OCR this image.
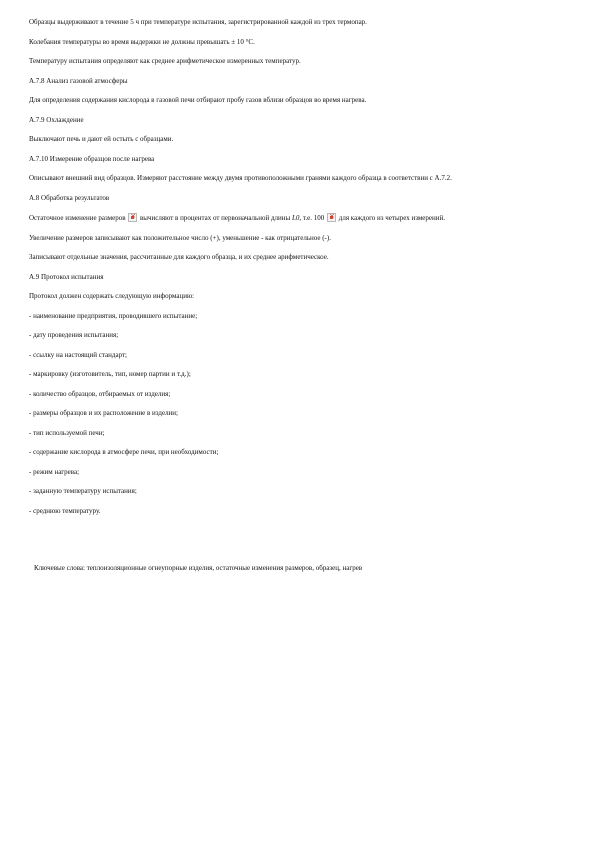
Образцы выдерживают в течение 5 ч при температуре испытания, зарегистрированной каждой из трех термопар.

Колебания температуры во время выдержки не должны превышать ± 10 °С.

Температуру испытания определяют как среднее арифметическое измеренных температур.

А.7.8 Анализ газовой атмосферы

Для определения содержания кислорода в газовой печи отбирают пробу газов вблизи образцов во время нагрева.

А.7.9 Охлаждение

Выключают печь и дают ей остыть с образцами.

А.7.10 Измерение образцов после нагрева

Описывают внешний вид образцов. Измеряют расстояние между двумя противоположными гранями каждого образца в соответствии с А.7.2.

А.8 Обработка результатов

Остаточное изменение размеров × вычисляют в процентах от первоначальной длины L0, т.е. 100 × для каждого из четырех измерений.

Увеличение размеров записывают как положительное число (+), уменьшение - как отрицательное (-).

Записывают отдельные значения, рассчитанные для каждого образца, и их среднее арифметическое.

А.9 Протокол испытания

Протокол должен содержать следующую информацию:

- наименование предприятия, проводившего испытание;

- дату проведения испытания;

- ссылку на настоящий стандарт;

- маркировку (изготовитель, тип, номер партии и т.д.);

- количество образцов, отбираемых от изделия;

- размеры образцов и их расположение в изделии;

- тип используемой печи;

- содержание кислорода в атмосфере печи, при необходимости;

- режим нагрева;

- заданную температуру испытания;

- среднюю температуру.

Ключевые слова: теплоизоляционные огнеупорные изделия, остаточные изменения размеров, образец, нагрев
